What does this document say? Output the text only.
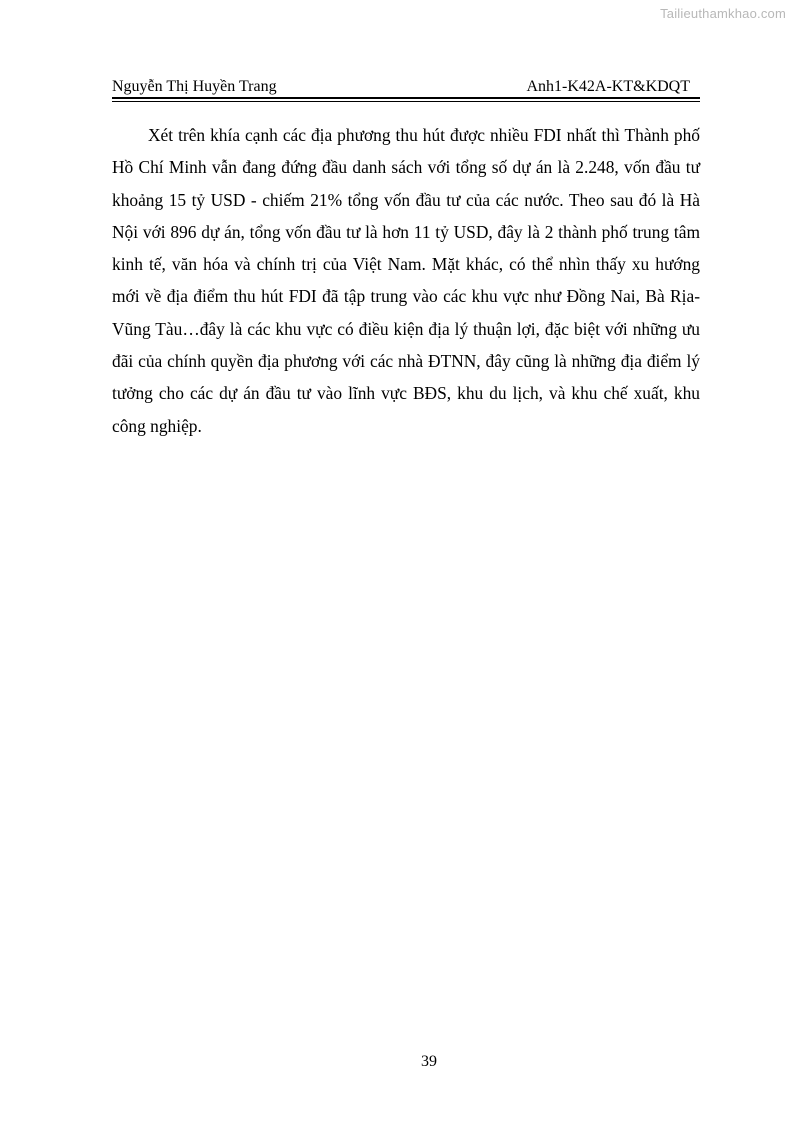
Tailieuthamkhao.com
Nguyễn Thị Huyền Trang	Anh1-K42A-KT&KDQT

Xét trên khía cạnh các địa phương thu hút được nhiều FDI nhất thì Thành phố Hồ Chí Minh vẫn đang đứng đầu danh sách với tổng số dự án là 2.248, vốn đầu tư khoảng 15 tỷ USD - chiếm 21% tổng vốn đầu tư của các nước. Theo sau đó là Hà Nội với 896 dự án, tổng vốn đầu tư là hơn 11 tỷ USD, đây là 2 thành phố trung tâm kinh tế, văn hóa và chính trị của Việt Nam. Mặt khác, có thể nhìn thấy xu hướng mới về địa điểm thu hút FDI đã tập trung vào các khu vực như Đồng Nai, Bà Rịa-Vũng Tàu…đây là các khu vực có điều kiện địa lý thuận lợi, đặc biệt với những ưu đãi của chính quyền địa phương với các nhà ĐTNN, đây cũng là những địa điểm lý tưởng cho các dự án đầu tư vào lĩnh vực BĐS, khu du lịch, và khu chế xuất, khu công nghiệp.

39
